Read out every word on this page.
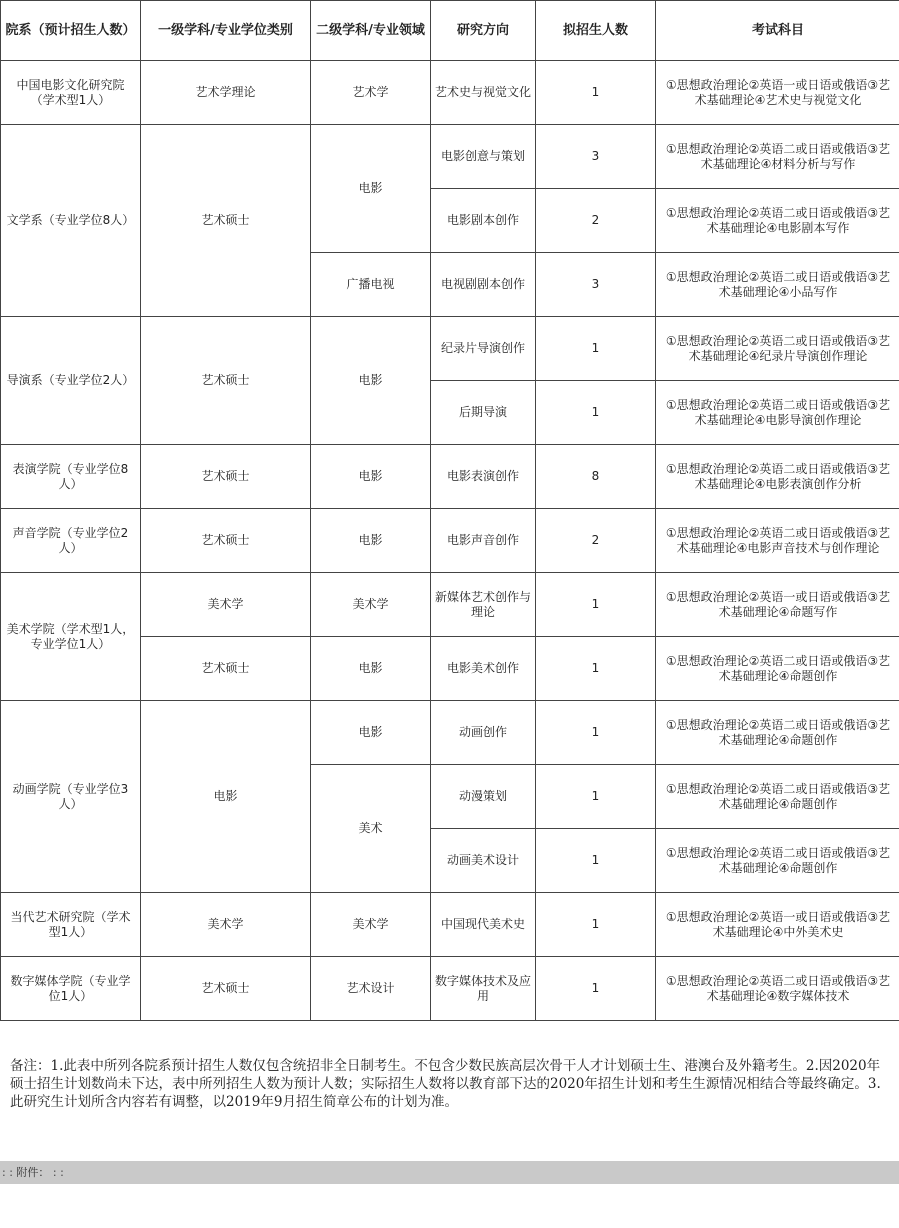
院系（预计招生人数）	一级学科/专业学位类别	二级学科/专业领域	研究方向	拟招生人数	考试科目
中国电影文化研究院（学术型1人）	艺术学理论	艺术学	艺术史与视觉文化	1	①思想政治理论②英语一或日语或俄语③艺术基础理论④艺术史与视觉文化
文学系（专业学位8人）	艺术硕士	电影	电影创意与策划	3	①思想政治理论②英语二或日语或俄语③艺术基础理论④材料分析与写作
			电影剧本创作	2	①思想政治理论②英语二或日语或俄语③艺术基础理论④电影剧本写作
		广播电视	电视剧剧本创作	3	①思想政治理论②英语二或日语或俄语③艺术基础理论④小品写作
导演系（专业学位2人）	艺术硕士	电影	纪录片导演创作	1	①思想政治理论②英语二或日语或俄语③艺术基础理论④纪录片导演创作理论
			后期导演	1	①思想政治理论②英语二或日语或俄语③艺术基础理论④电影导演创作理论
表演学院（专业学位8人）	艺术硕士	电影	电影表演创作	8	①思想政治理论②英语二或日语或俄语③艺术基础理论④电影表演创作分析
声音学院（专业学位2人）	艺术硕士	电影	电影声音创作	2	①思想政治理论②英语二或日语或俄语③艺术基础理论④电影声音技术与创作理论
美术学院（学术型1人，专业学位1人）	美术学	美术学	新媒体艺术创作与理论	1	①思想政治理论②英语一或日语或俄语③艺术基础理论④命题写作
	艺术硕士	电影	电影美术创作	1	①思想政治理论②英语二或日语或俄语③艺术基础理论④命题创作
动画学院（专业学位3人）	电影	电影	动画创作	1	①思想政治理论②英语二或日语或俄语③艺术基础理论④命题创作
		美术	动漫策划	1	①思想政治理论②英语二或日语或俄语③艺术基础理论④命题创作
			动画美术设计	1	①思想政治理论②英语二或日语或俄语③艺术基础理论④命题创作
当代艺术研究院（学术型1人）	美术学	美术学	中国现代美术史	1	①思想政治理论②英语一或日语或俄语③艺术基础理论④中外美术史
数字媒体学院（专业学位1人）	艺术硕士	艺术设计	数字媒体技术及应用	1	①思想政治理论②英语二或日语或俄语③艺术基础理论④数字媒体技术
备注：1.此表中所列各院系预计招生人数仅包含统招非全日制考生。不包含少数民族高层次骨干人才计划硕士生、港澳台及外籍考生。2.因2020年硕士招生计划数尚未下达，表中所列招生人数为预计人数；实际招生人数将以教育部下达的2020年招生计划和考生生源情况相结合等最终确定。3.此研究生计划所含内容若有调整，以2019年9月招生简章公布的计划为准。
: : 附件： : :
